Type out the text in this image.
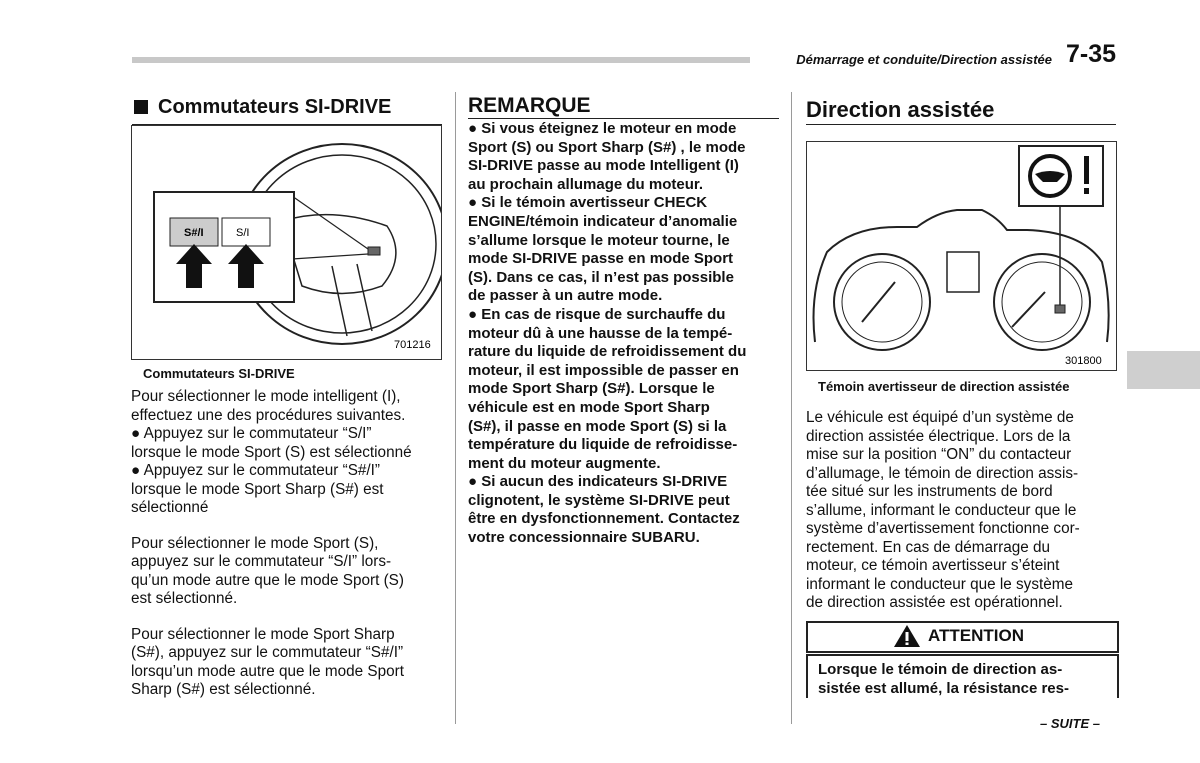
Démarrage et conduite/Direction assistée 7-35
Commutateurs SI-DRIVE
S#/I	S/I
701216
Commutateurs SI-DRIVE
Pour sélectionner le mode intelligent (I),
effectuez une des procédures suivantes.
● Appuyez sur le commutateur “S/I”
lorsque le mode Sport (S) est sélectionné
● Appuyez sur le commutateur “S#/I”
lorsque le mode Sport Sharp (S#) est
sélectionné
Pour sélectionner le mode Sport (S),
appuyez sur le commutateur “S/I” lors-
qu’un mode autre que le mode Sport (S)
est sélectionné.
Pour sélectionner le mode Sport Sharp
(S#), appuyez sur le commutateur “S#/I”
lorsqu’un mode autre que le mode Sport
Sharp (S#) est sélectionné.
REMARQUE
● Si vous éteignez le moteur en mode
Sport (S) ou Sport Sharp (S#) , le mode
SI-DRIVE passe au mode Intelligent (I)
au prochain allumage du moteur.
● Si le témoin avertisseur CHECK
ENGINE/témoin indicateur d’anomalie
s’allume lorsque le moteur tourne, le
mode SI-DRIVE passe en mode Sport
(S). Dans ce cas, il n’est pas possible
de passer à un autre mode.
● En cas de risque de surchauffe du
moteur dû à une hausse de la tempé-
rature du liquide de refroidissement du
moteur, il est impossible de passer en
mode Sport Sharp (S#). Lorsque le
véhicule est en mode Sport Sharp
(S#), il passe en mode Sport (S) si la
température du liquide de refroidisse-
ment du moteur augmente.
● Si aucun des indicateurs SI-DRIVE
clignotent, le système SI-DRIVE peut
être en dysfonctionnement. Contactez
votre concessionnaire SUBARU.
Direction assistée
301800
Témoin avertisseur de direction assistée
Le véhicule est équipé d’un système de
direction assistée électrique. Lors de la
mise sur la position “ON” du contacteur
d’allumage, le témoin de direction assis-
tée situé sur les instruments de bord
s’allume, informant le conducteur que le
système d’avertissement fonctionne cor-
rectement. En cas de démarrage du
moteur, ce témoin avertisseur s’éteint
informant le conducteur que le système
de direction assistée est opérationnel.
ATTENTION
Lorsque le témoin de direction as-
sistée est allumé, la résistance res-
– SUITE –
